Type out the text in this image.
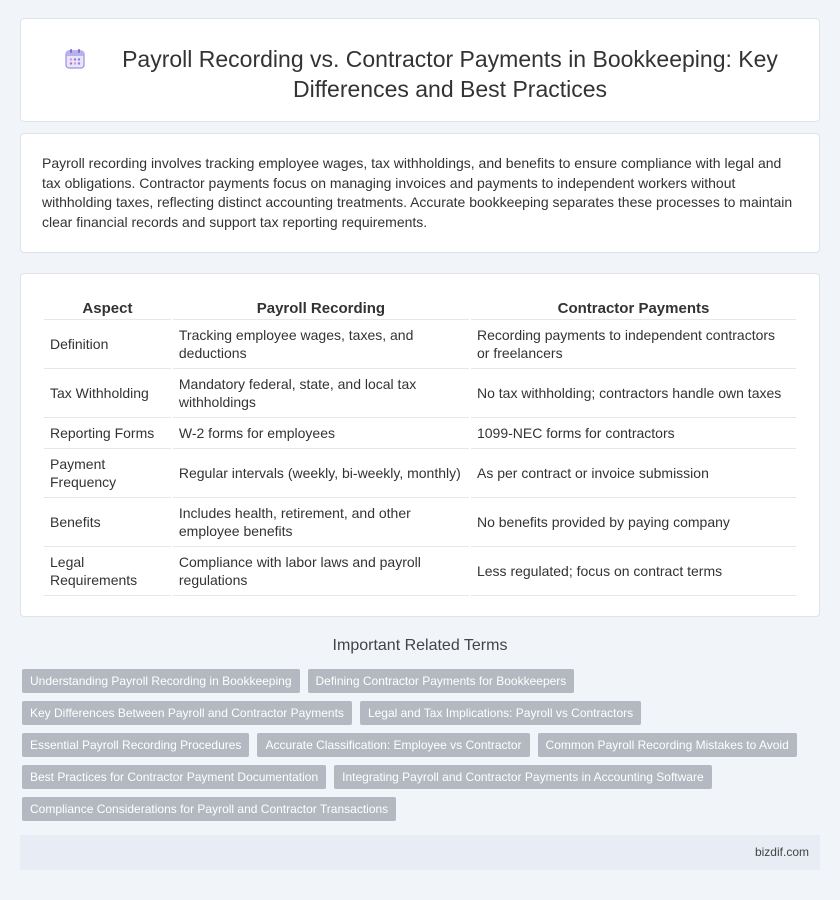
Payroll Recording vs. Contractor Payments in Bookkeeping: Key Differences and Best Practices

Payroll recording involves tracking employee wages, tax withholdings, and benefits to ensure compliance with legal and tax obligations. Contractor payments focus on managing invoices and payments to independent workers without withholding taxes, reflecting distinct accounting treatments. Accurate bookkeeping separates these processes to maintain clear financial records and support tax reporting requirements.

Aspect	Payroll Recording	Contractor Payments
Definition	Tracking employee wages, taxes, and deductions	Recording payments to independent contractors or freelancers
Tax Withholding	Mandatory federal, state, and local tax withholdings	No tax withholding; contractors handle own taxes
Reporting Forms	W-2 forms for employees	1099-NEC forms for contractors
Payment Frequency	Regular intervals (weekly, bi-weekly, monthly)	As per contract or invoice submission
Benefits	Includes health, retirement, and other employee benefits	No benefits provided by paying company
Legal Requirements	Compliance with labor laws and payroll regulations	Less regulated; focus on contract terms
Important Related Terms
Understanding Payroll Recording in Bookkeeping	Defining Contractor Payments for Bookkeepers
Key Differences Between Payroll and Contractor Payments	Legal and Tax Implications: Payroll vs Contractors
Essential Payroll Recording Procedures	Accurate Classification: Employee vs Contractor	Common Payroll Recording Mistakes to Avoid
Best Practices for Contractor Payment Documentation	Integrating Payroll and Contractor Payments in Accounting Software
Compliance Considerations for Payroll and Contractor Transactions
bizdif.com
